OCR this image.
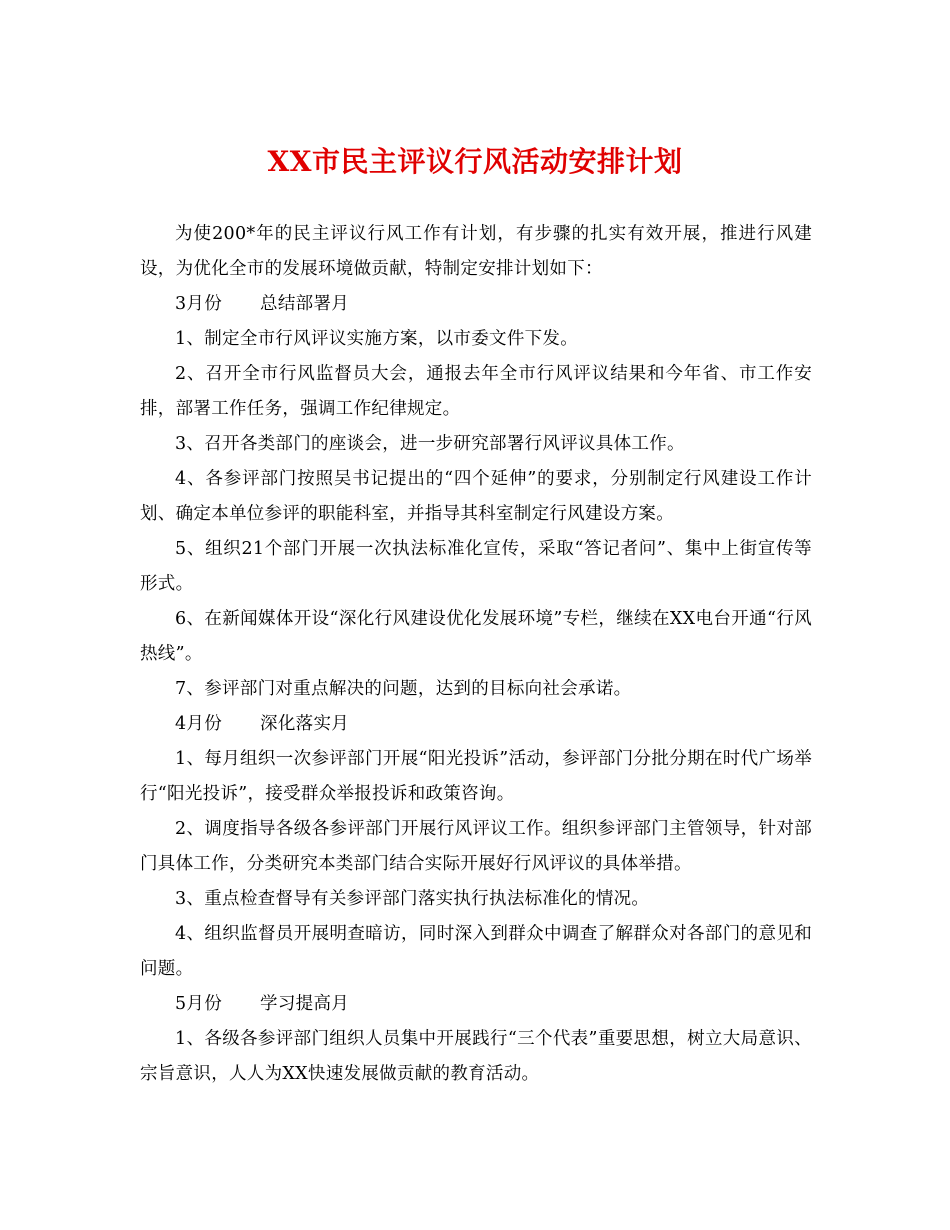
XX市民主评议行风活动安排计划

为使200*年的民主评议行风工作有计划，有步骤的扎实有效开展，推进行风建设，为优化全市的发展环境做贡献，特制定安排计划如下：

3月份 总结部署月

1、制定全市行风评议实施方案，以市委文件下发。

2、召开全市行风监督员大会，通报去年全市行风评议结果和今年省、市工作安排，部署工作任务，强调工作纪律规定。

3、召开各类部门的座谈会，进一步研究部署行风评议具体工作。

4、各参评部门按照吴书记提出的“四个延伸”的要求，分别制定行风建设工作计划、确定本单位参评的职能科室，并指导其科室制定行风建设方案。

5、组织21个部门开展一次执法标准化宣传，采取“答记者问”、集中上街宣传等形式。

6、在新闻媒体开设“深化行风建设优化发展环境”专栏，继续在XX电台开通“行风热线”。

7、参评部门对重点解决的问题，达到的目标向社会承诺。

4月份 深化落实月

1、每月组织一次参评部门开展“阳光投诉”活动，参评部门分批分期在时代广场举行“阳光投诉”，接受群众举报投诉和政策咨询。

2、调度指导各级各参评部门开展行风评议工作。组织参评部门主管领导，针对部门具体工作，分类研究本类部门结合实际开展好行风评议的具体举措。

3、重点检查督导有关参评部门落实执行执法标准化的情况。

4、组织监督员开展明查暗访，同时深入到群众中调查了解群众对各部门的意见和问题。

5月份 学习提高月

1、各级各参评部门组织人员集中开展践行“三个代表”重要思想，树立大局意识、宗旨意识，人人为XX快速发展做贡献的教育活动。
